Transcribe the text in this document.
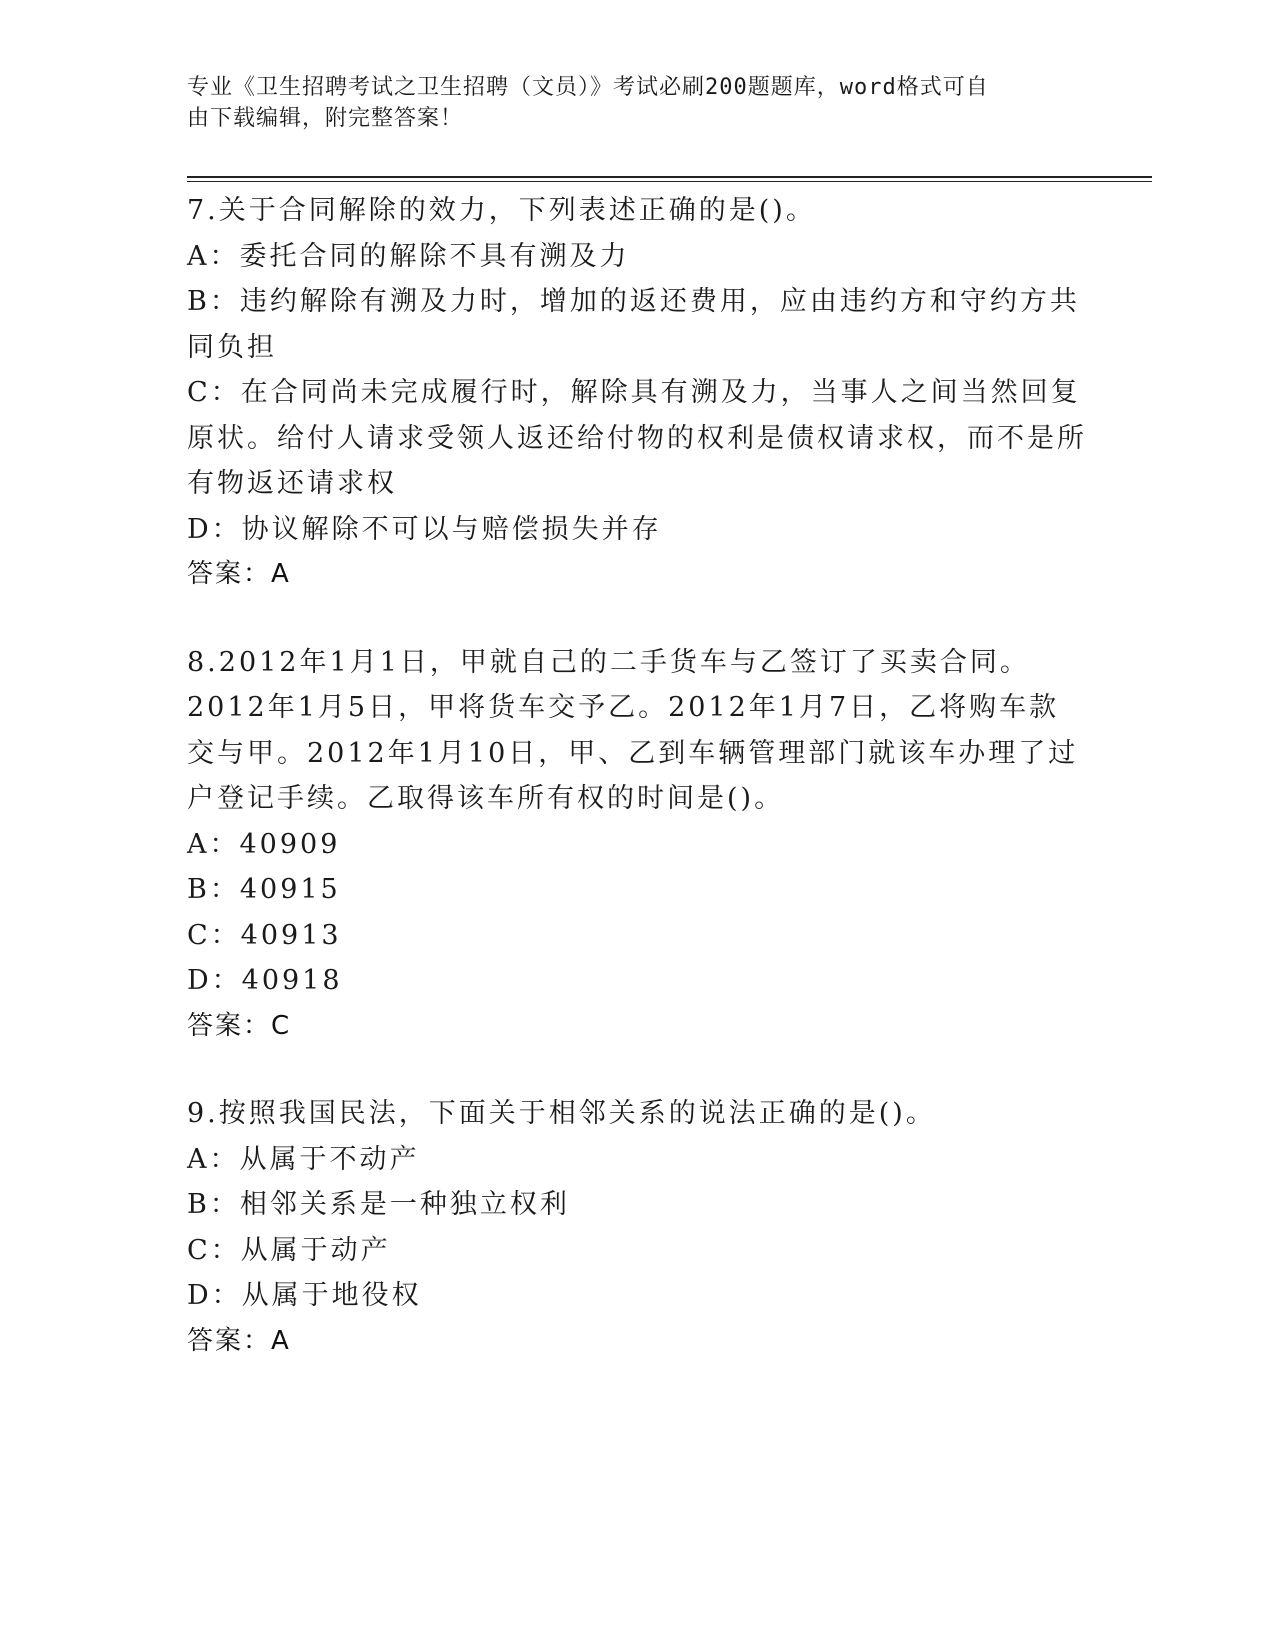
专业《卫生招聘考试之卫生招聘（文员）》考试必刷200题题库，word格式可自
由下载编辑，附完整答案！

7.关于合同解除的效力，下列表述正确的是()。

A：委托合同的解除不具有溯及力

B：违约解除有溯及力时，增加的返还费用，应由违约方和守约方共同负担

C：在合同尚未完成履行时，解除具有溯及力，当事人之间当然回复原状。给付人请求受领人返还给付物的权利是债权请求权，而不是所有物返还请求权

D：协议解除不可以与赔偿损失并存

答案：A

8.2012年1月1日，甲就自己的二手货车与乙签订了买卖合同。2012年1月5日，甲将货车交予乙。2012年1月7日，乙将购车款交与甲。2012年1月10日，甲、乙到车辆管理部门就该车办理了过户登记手续。乙取得该车所有权的时间是()。

A：40909

B：40915

C：40913

D：40918

答案：C

9.按照我国民法，下面关于相邻关系的说法正确的是()。

A：从属于不动产

B：相邻关系是一种独立权利

C：从属于动产

D：从属于地役权

答案：A
